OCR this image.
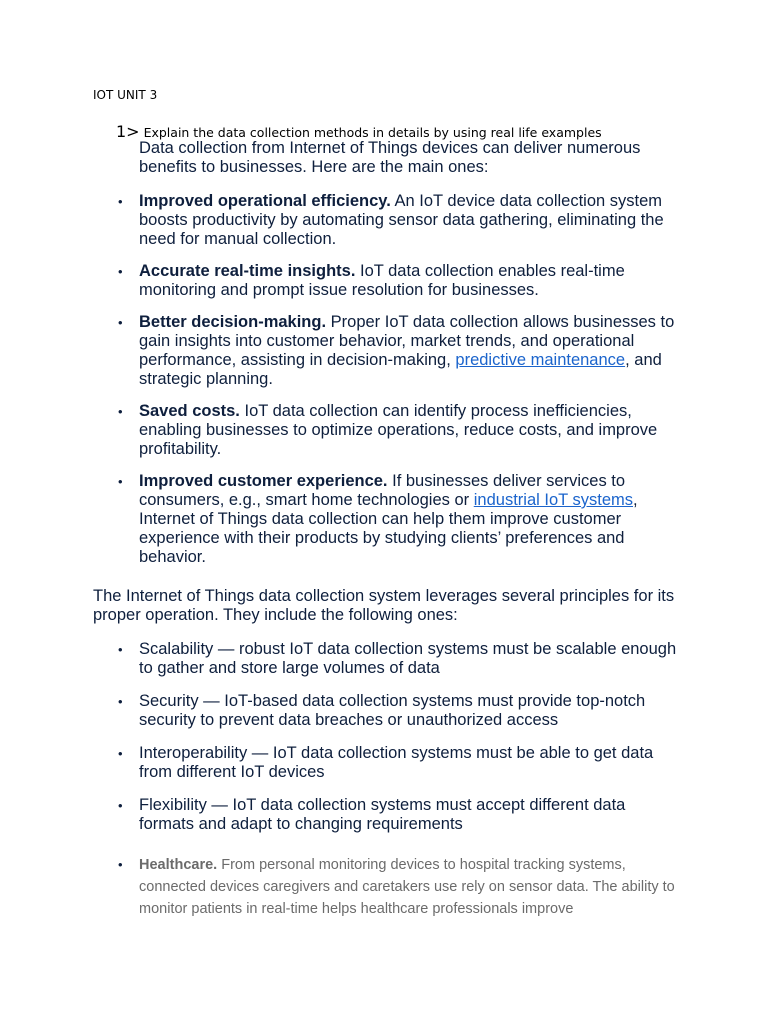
IOT UNIT 3
1> Explain the data collection methods in details by using real life examples
Data collection from Internet of Things devices can deliver numerous benefits to businesses. Here are the main ones:
• Improved operational efficiency. An IoT device data collection system boosts productivity by automating sensor data gathering, eliminating the need for manual collection.
• Accurate real-time insights. IoT data collection enables real-time monitoring and prompt issue resolution for businesses.
• Better decision-making. Proper IoT data collection allows businesses to gain insights into customer behavior, market trends, and operational performance, assisting in decision-making, predictive maintenance, and strategic planning.
• Saved costs. IoT data collection can identify process inefficiencies, enabling businesses to optimize operations, reduce costs, and improve profitability.
• Improved customer experience. If businesses deliver services to consumers, e.g., smart home technologies or industrial IoT systems, Internet of Things data collection can help them improve customer experience with their products by studying clients’ preferences and behavior.
The Internet of Things data collection system leverages several principles for its proper operation. They include the following ones:
• Scalability — robust IoT data collection systems must be scalable enough to gather and store large volumes of data
• Security — IoT-based data collection systems must provide top-notch security to prevent data breaches or unauthorized access
• Interoperability — IoT data collection systems must be able to get data from different IoT devices
• Flexibility — IoT data collection systems must accept different data formats and adapt to changing requirements
• Healthcare. From personal monitoring devices to hospital tracking systems, connected devices caregivers and caretakers use rely on sensor data. The ability to monitor patients in real-time helps healthcare professionals improve
